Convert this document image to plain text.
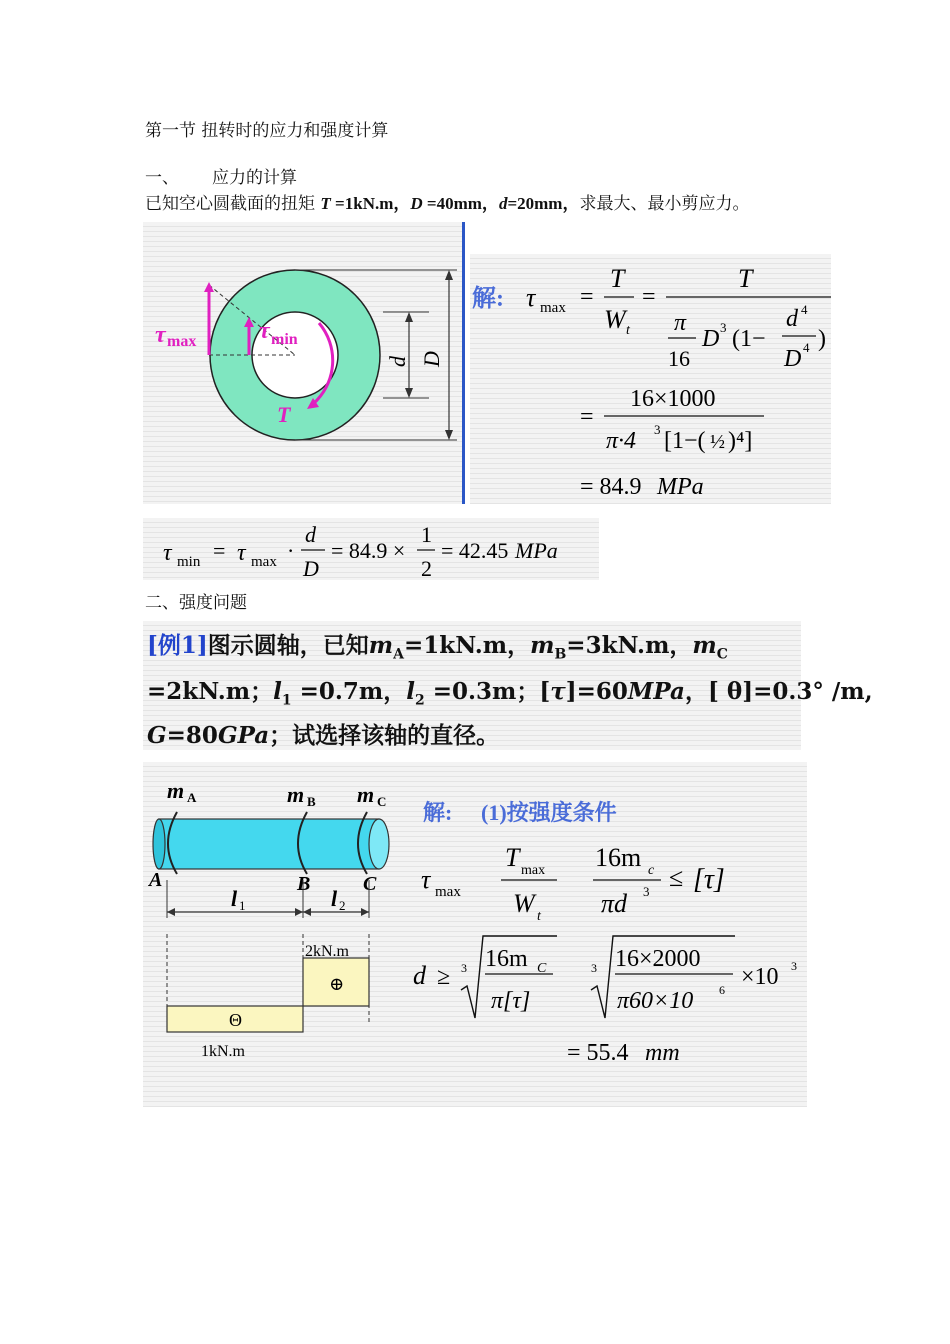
第一节 扭转时的应力和强度计算
一、 应力的计算
已知空心圆截面的扭矩 T =1kN.m，D =40mm，d=20mm，求最大、最小剪应力。
τ max	τ min
T
d D
解: τ max =
T
W t
=
T
π
16
D 3 (1−
d 4
D 4 )
=
16×1000
π·4 3 [1−( ½ )⁴]
= 84.9 MPa
τ min = τ max ·
d
D
= 84.9 ×
1
2
= 42.45 MPa
二、强度问题
[例1]图示圆轴，已知$m_A=1kN.m$，$m_B=3kN.m$，$m_C$
=2kN.m；$l_1 =0.7m$，$l_2 =0.3m$；[τ]=60MPa，[ θ]=0.3° /m,
G=80GPa；试选择该轴的直径。
m A	m B m C
A	B	C
l 1	l 2
2kN.m
⊕
Θ
1kN.m
解: (1)按强度条件
τ max
T max
W t
16m c
πd 3 ≤ [τ]
d ≥ 3 16m C
π[τ]
3 16×2000
π60×10 6 ×10 3
= 55.4 mm
